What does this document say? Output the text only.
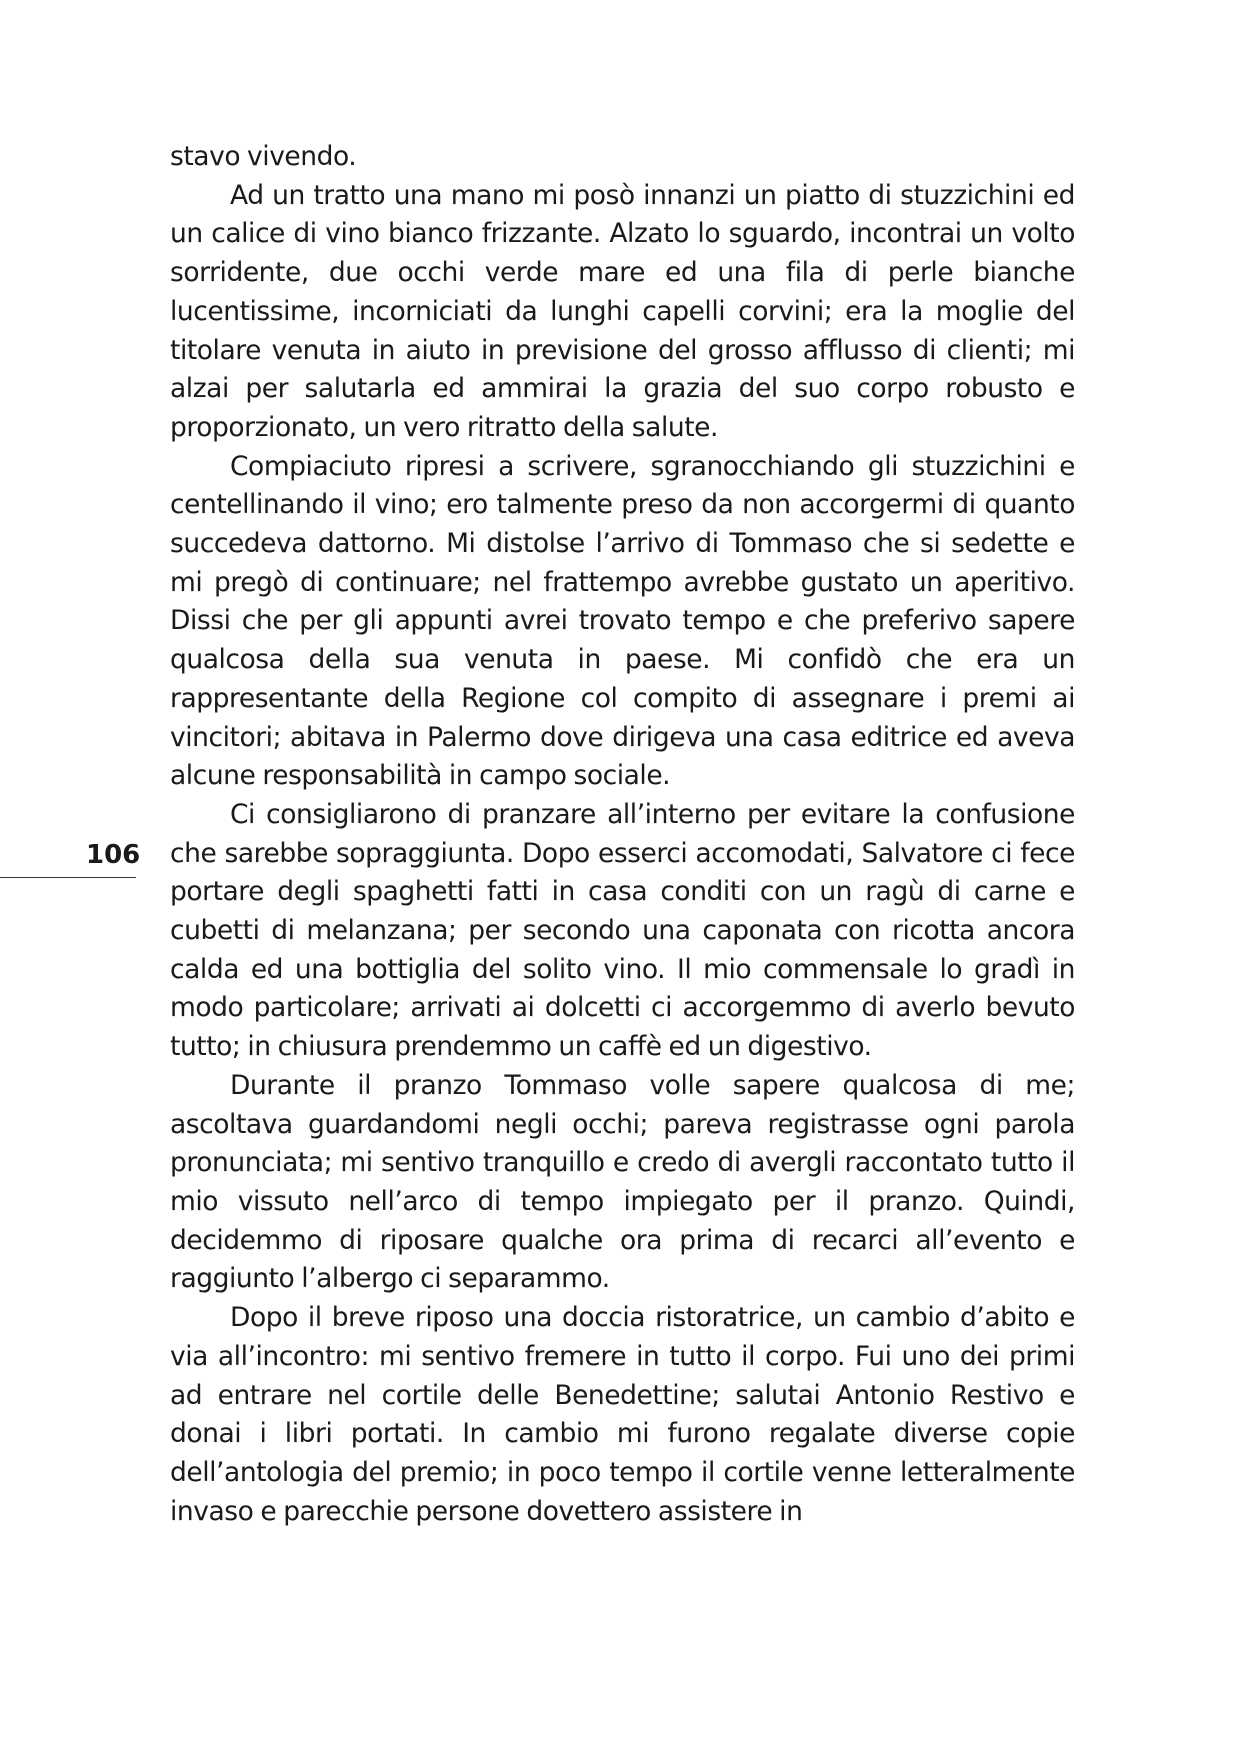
stavo vivendo.

Ad un tratto una mano mi posò innanzi un piatto di stuzzichini ed un calice di vino bianco frizzante. Alzato lo sguardo, incontrai un volto sorridente, due occhi verde mare ed una fila di perle bianche lucentissime, incorniciati da lunghi capelli corvini; era la moglie del titolare venuta in aiuto in previsione del grosso afflusso di clienti; mi alzai per salutarla ed ammirai la grazia del suo corpo robusto e proporzionato, un vero ritratto della salute.

Compiaciuto ripresi a scrivere, sgranocchiando gli stuzzichini e centellinando il vino; ero talmente preso da non accorgermi di quanto succedeva dattorno. Mi distolse l’arrivo di Tommaso che si sedette e mi pregò di continuare; nel frattempo avrebbe gustato un aperitivo. Dissi che per gli appunti avrei trovato tempo e che preferivo sapere qualcosa della sua venuta in paese. Mi confidò che era un rappresentante della Regione col compito di assegnare i premi ai vincitori; abitava in Palermo dove dirigeva una casa editrice ed aveva alcune responsabilità in campo sociale.

Ci consigliarono di pranzare all’interno per evitare la confusione che sarebbe sopraggiunta. Dopo esserci accomodati, Salvatore ci fece portare degli spaghetti fatti in casa conditi con un ragù di carne e cubetti di melanzana; per secondo una caponata con ricotta ancora calda ed una bottiglia del solito vino. Il mio commensale lo gradì in modo particolare; arrivati ai dolcetti ci accorgemmo di averlo bevuto tutto; in chiusura prendemmo un caffè ed un digestivo.

Durante il pranzo Tommaso volle sapere qualcosa di me; ascoltava guardandomi negli occhi; pareva registrasse ogni parola pronunciata; mi sentivo tranquillo e credo di avergli raccontato tutto il mio vissuto nell’arco di tempo impiegato per il pranzo. Quindi, decidemmo di riposare qualche ora prima di recarci all’evento e raggiunto l’albergo ci separammo.

Dopo il breve riposo una doccia ristoratrice, un cambio d’abito e via all’incontro: mi sentivo fremere in tutto il corpo. Fui uno dei primi ad entrare nel cortile delle Benedettine; salutai Antonio Restivo e donai i libri portati. In cambio mi furono regalate diverse copie dell’antologia del premio; in poco tempo il cortile venne letteralmente invaso e parecchie persone dovettero assistere in

106
